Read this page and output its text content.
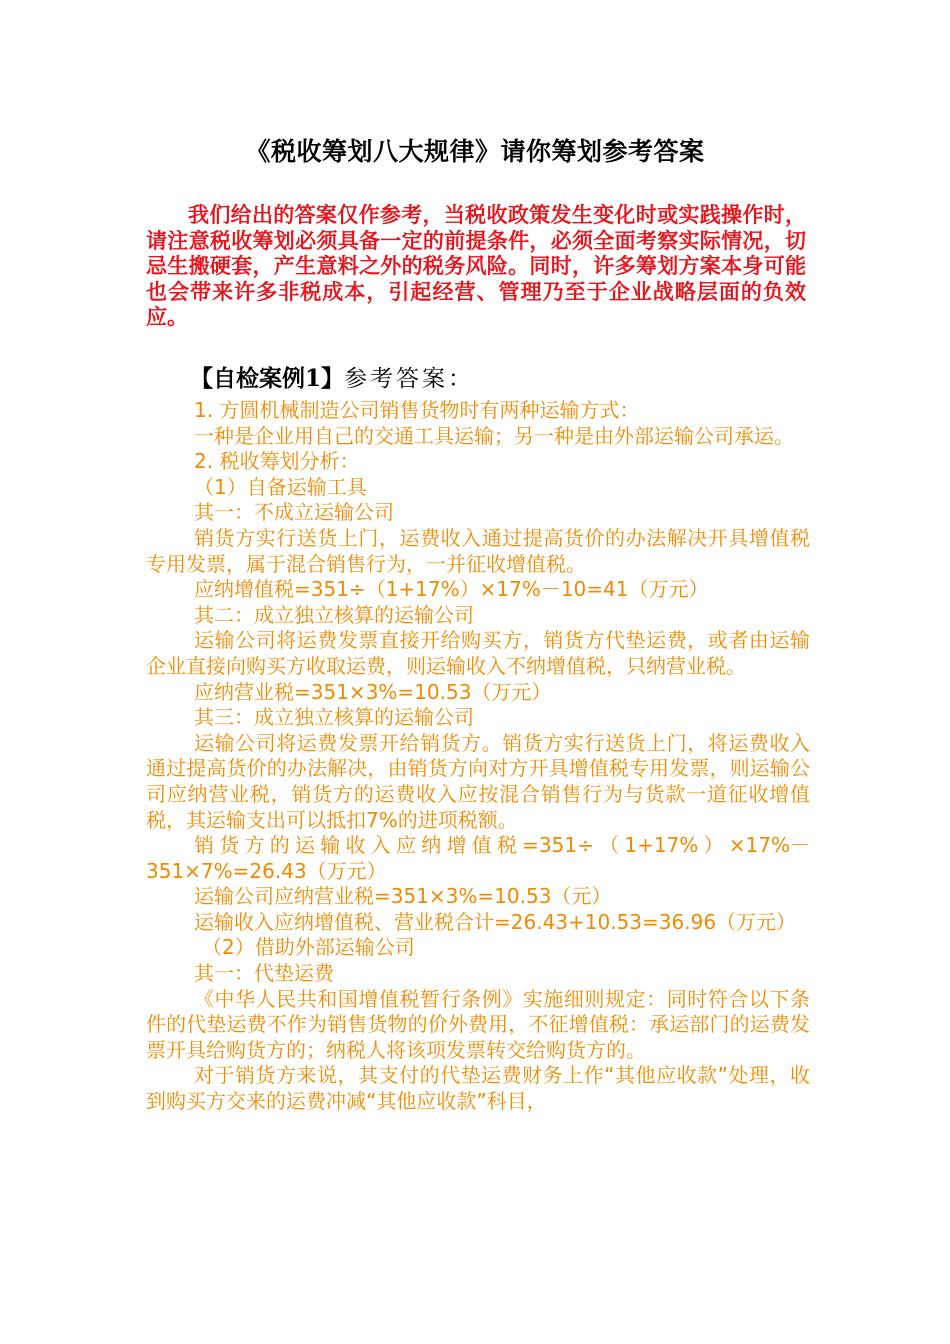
《税收筹划八大规律》请你筹划参考答案

我们给出的答案仅作参考，当税收政策发生变化时或实践操作时，请注意税收筹划必须具备一定的前提条件，必须全面考察实际情况，切忌生搬硬套，产生意料之外的税务风险。同时，许多筹划方案本身可能也会带来许多非税成本，引起经营、管理乃至于企业战略层面的负效应。

【自检案例1】参考答案：

1. 方圆机械制造公司销售货物时有两种运输方式：

一种是企业用自己的交通工具运输；另一种是由外部运输公司承运。

2. 税收筹划分析：

（1）自备运输工具

其一：不成立运输公司

销货方实行送货上门，运费收入通过提高货价的办法解决开具增值税专用发票，属于混合销售行为，一并征收增值税。

应纳增值税=351÷（1+17%）×17%－10=41（万元）

其二：成立独立核算的运输公司

运输公司将运费发票直接开给购买方，销货方代垫运费，或者由运输企业直接向购买方收取运费，则运输收入不纳增值税，只纳营业税。

应纳营业税=351×3%=10.53（万元）

其三：成立独立核算的运输公司

运输公司将运费发票开给销货方。销货方实行送货上门，将运费收入通过提高货价的办法解决，由销货方向对方开具增值税专用发票，则运输公司应纳营业税，销货方的运费收入应按混合销售行为与货款一道征收增值税，其运输支出可以抵扣7%的进项税额。

销货方的运输收入应纳增值税=351÷（1+17%）×17%－351×7%=26.43（万元）

运输公司应纳营业税=351×3%=10.53（元）

运输收入应纳增值税、营业税合计=26.43+10.53=36.96（万元）

（2）借助外部运输公司

其一：代垫运费

《中华人民共和国增值税暂行条例》实施细则规定：同时符合以下条件的代垫运费不作为销售货物的价外费用，不征增值税：承运部门的运费发票开具给购货方的；纳税人将该项发票转交给购货方的。

对于销货方来说，其支付的代垫运费财务上作“其他应收款”处理，收到购买方交来的运费冲减“其他应收款”科目，
